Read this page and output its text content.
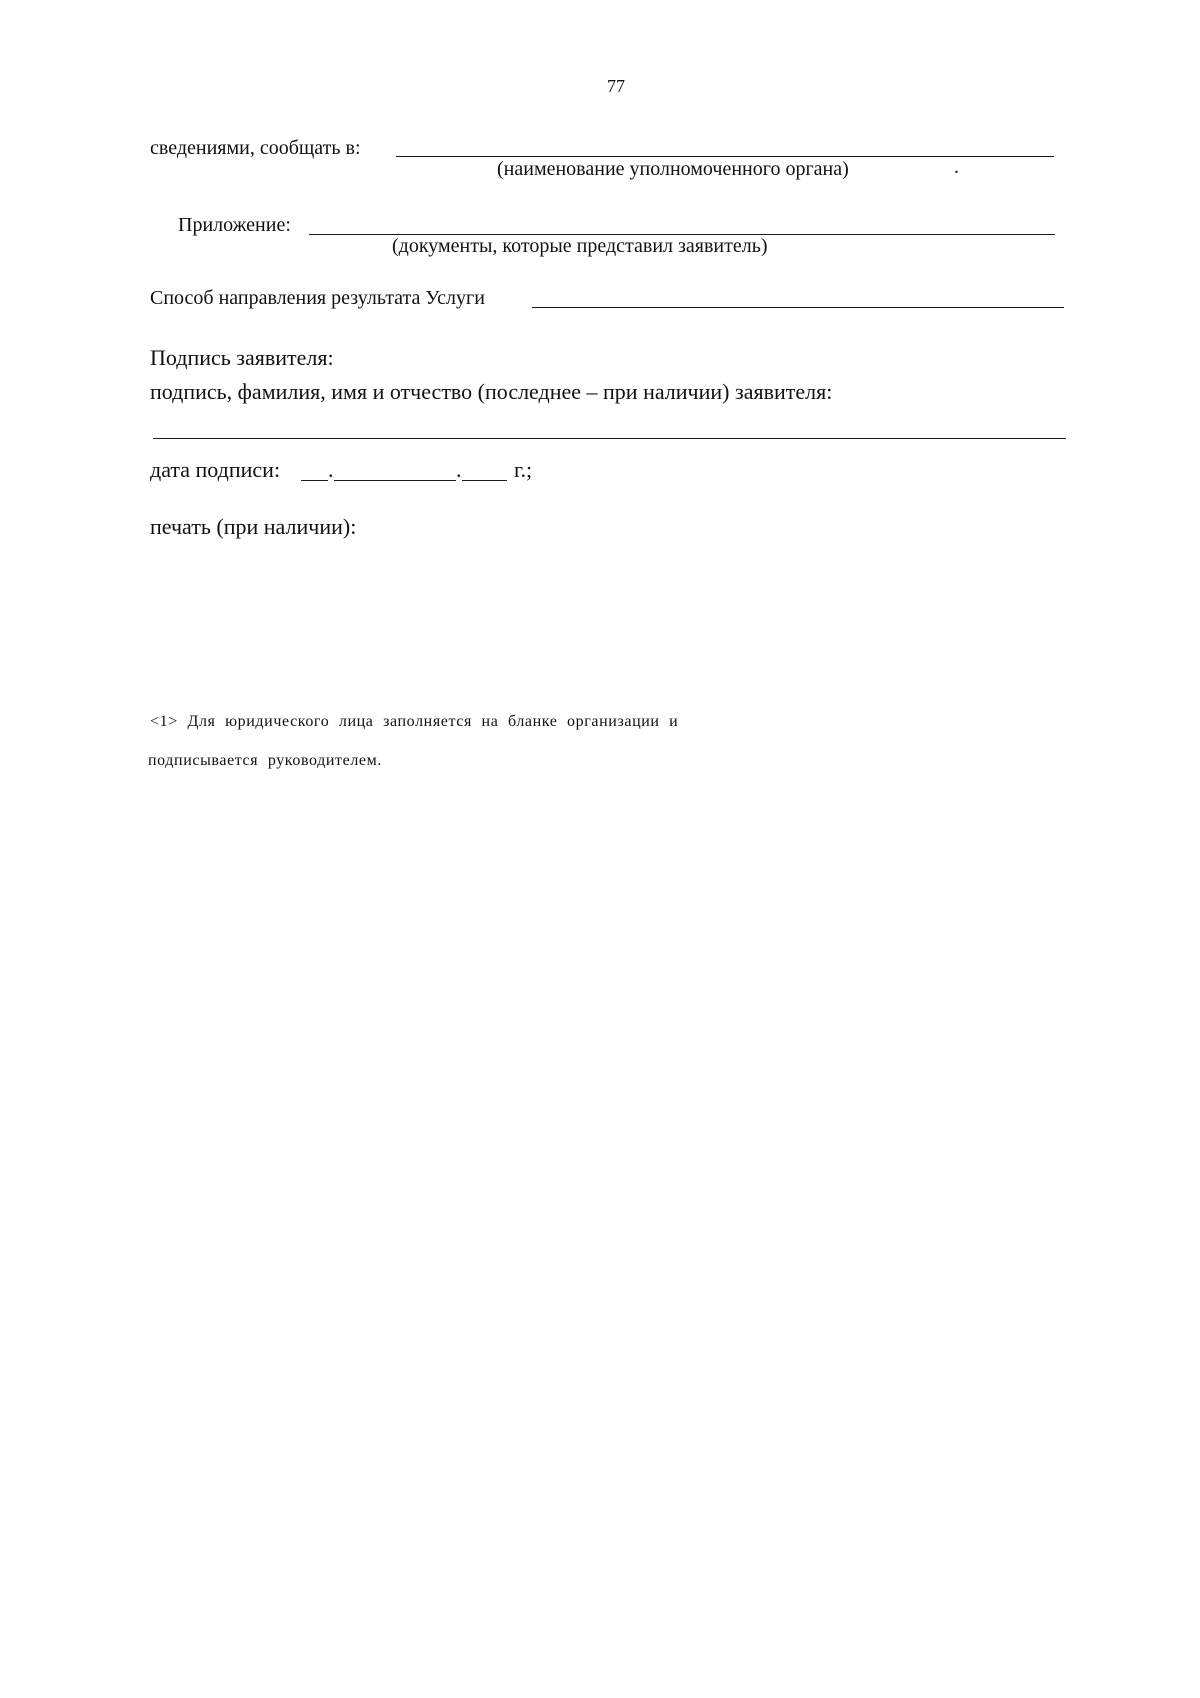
77
сведениями, сообщать в:
(наименование уполномоченного органа)	.
Приложение:
(документы, которые представил заявитель)
Способ направления результата Услуги
Подпись заявителя:
подпись, фамилия, имя и отчество (последнее – при наличии) заявителя:
дата подписи: .	. г.;
печать (при наличии):
<1> Для юридического лица заполняется на бланке организации и
подписывается руководителем.
